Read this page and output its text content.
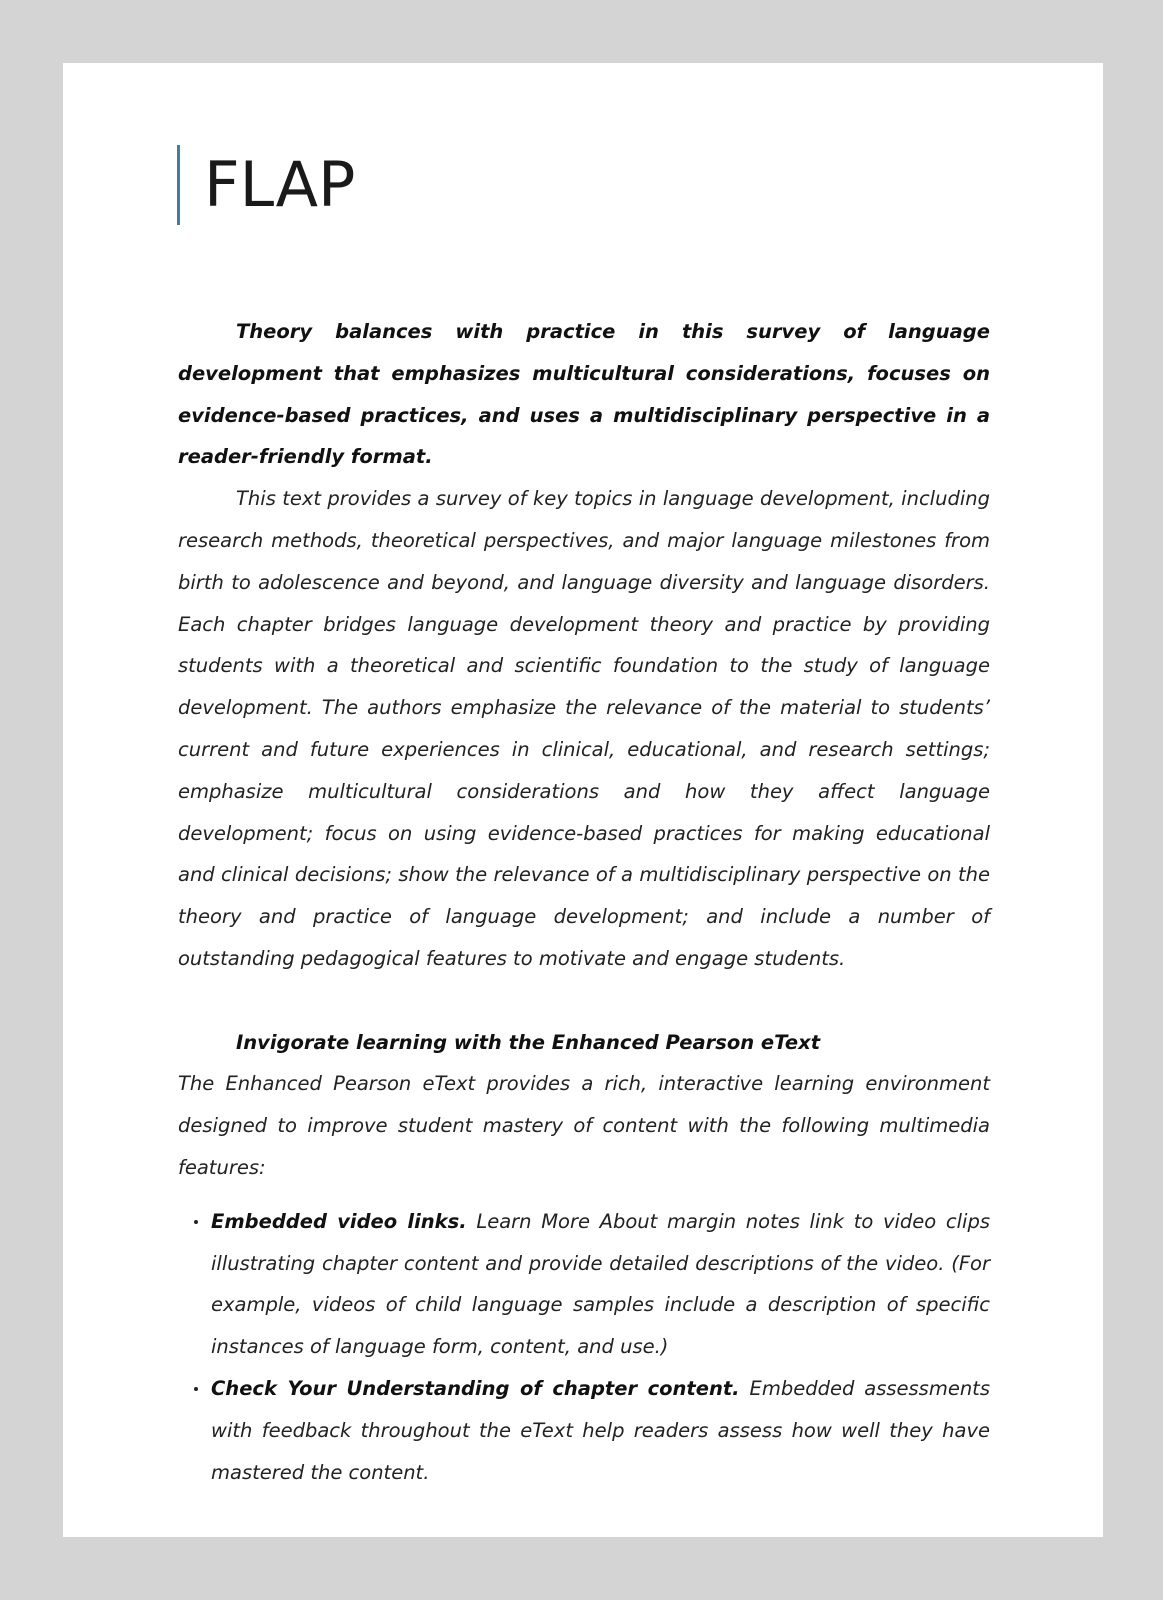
FLAP

Theory balances with practice in this survey of language development that emphasizes multicultural considerations, focuses on evidence-based practices, and uses a multidisciplinary perspective in a reader-friendly format.

This text provides a survey of key topics in language development, including research methods, theoretical perspectives, and major language milestones from birth to adolescence and beyond, and language diversity and language disorders. Each chapter bridges language development theory and practice by providing students with a theoretical and scientific foundation to the study of language development. The authors emphasize the relevance of the material to students’ current and future experiences in clinical, educational, and research settings; emphasize multicultural considerations and how they affect language development; focus on using evidence-based practices for making educational and clinical decisions; show the relevance of a multidisciplinary perspective on the theory and practice of language development; and include a number of outstanding pedagogical features to motivate and engage students.

Invigorate learning with the Enhanced Pearson eText

The Enhanced Pearson eText provides a rich, interactive learning environment designed to improve student mastery of content with the following multimedia features:

Embedded video links. Learn More About margin notes link to video clips illustrating chapter content and provide detailed descriptions of the video. (For example, videos of child language samples include a description of specific instances of language form, content, and use.)
Check Your Understanding of chapter content. Embedded assessments with feedback throughout the eText help readers assess how well they have mastered the content.
